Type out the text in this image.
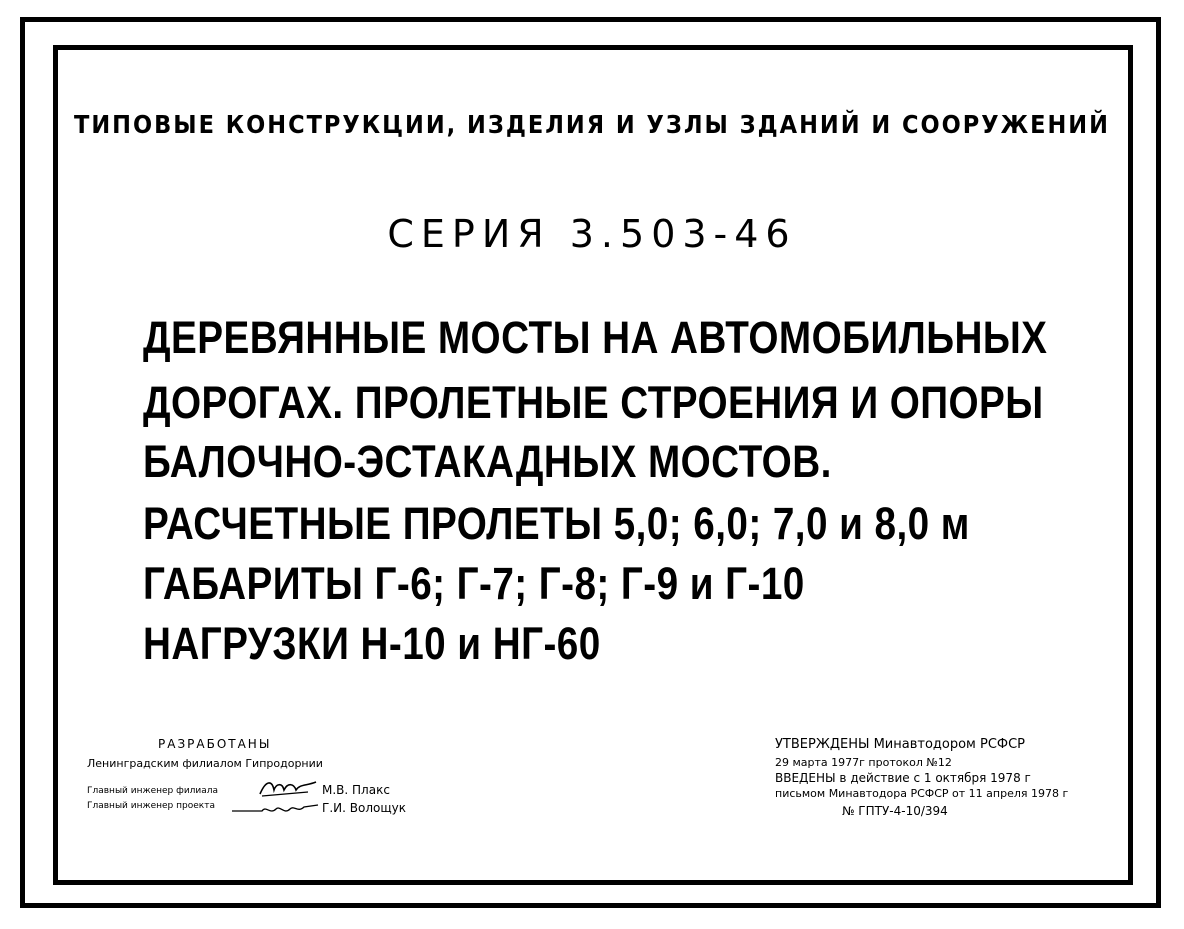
ТИПОВЫЕ КОНСТРУКЦИИ, ИЗДЕЛИЯ И УЗЛЫ ЗДАНИЙ И СООРУЖЕНИЙ
СЕРИЯ 3.503-46
ДЕРЕВЯННЫЕ МОСТЫ НА АВТОМОБИЛЬНЫХ
ДОРОГАХ. ПРОЛЕТНЫЕ СТРОЕНИЯ И ОПОРЫ
БАЛОЧНО-ЭСТАКАДНЫХ МОСТОВ.
РАСЧЕТНЫЕ ПРОЛЕТЫ 5,0; 6,0; 7,0 и 8,0 м
ГАБАРИТЫ Г-6; Г-7; Г-8; Г-9 и Г-10
НАГРУЗКИ Н-10 и НГ-60
РАЗРАБОТАНЫ
Ленинградским филиалом Гипродорнии
Главный инженер филиала
Главный инженер проекта
М.В. Плакс
Г.И. Волощук
УТВЕРЖДЕНЫ Минавтодором РСФСР
29 марта 1977г протокол №12
ВВЕДЕНЫ в действие с 1 октября 1978 г
письмом Минавтодора РСФСР от 11 апреля 1978 г
№ ГПТУ-4-10/394
